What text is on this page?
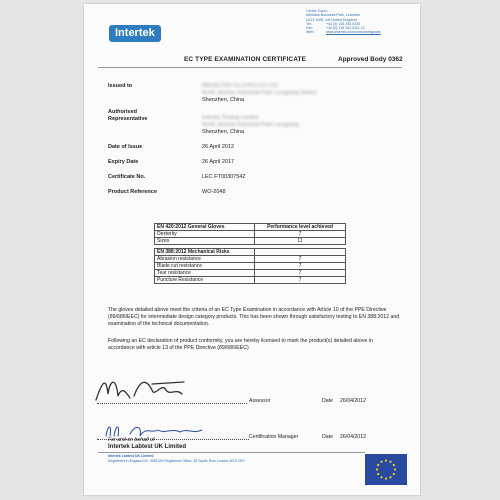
Intertek
Centre Court,
Meridian Business Park, Leicester
LE19 1WD, UK United Kingdom
Tel:	+44 (0) 116 263 0330
Fax:	+44 (0) 116 263 0111-12
Web:	www.intertek.com/consumergoods
EC TYPE EXAMINATION CERTIFICATE	Approved Body 0362
Issued to	REDACTED GLOVES CO LTD
North Jinshan Industrial Park Longgang District
Shenzhen, China
Authorised
Representative	Intertek Testing Limited
North Jinshan Industrial Park Longgang
Shenzhen, China
Date of Issue	26 April 2012
Expiry Date	26 April 2017
Certificate No.	LEC FT00307542
Product Reference	WO-2048
EN 420:2012 General Gloves	Performance level achieved
Dexterity	7
Sizes	11

EN 388:2012 Mechanical Risks	
Abrasion resistance	7
Blade cut resistance	7
Tear resistance	7
Puncture Resistance	7
The gloves detailed above meet the criteria of an EC Type Examination in accordance with Article 10 of the PPE Directive (89/686/EEC) for intermediate design category products. This has been shown through satisfactory testing to EN 388:2012 and examination of the technical documentation.
Following an EC declaration of product conformity, you are hereby licensed to mark the product(s) detailed above in accordance with article 13 of the PPE Directive (89/686/EEC)
Assessor	Date 26/04/2012
Certification Manager	Date 26/04/2012
For and on behalf of
Intertek Labtest UK Limited
Intertek Labtest UK Limited
Registered in England No. 3091343 Registered Office: 25 Savile Row London W1S 2ES
